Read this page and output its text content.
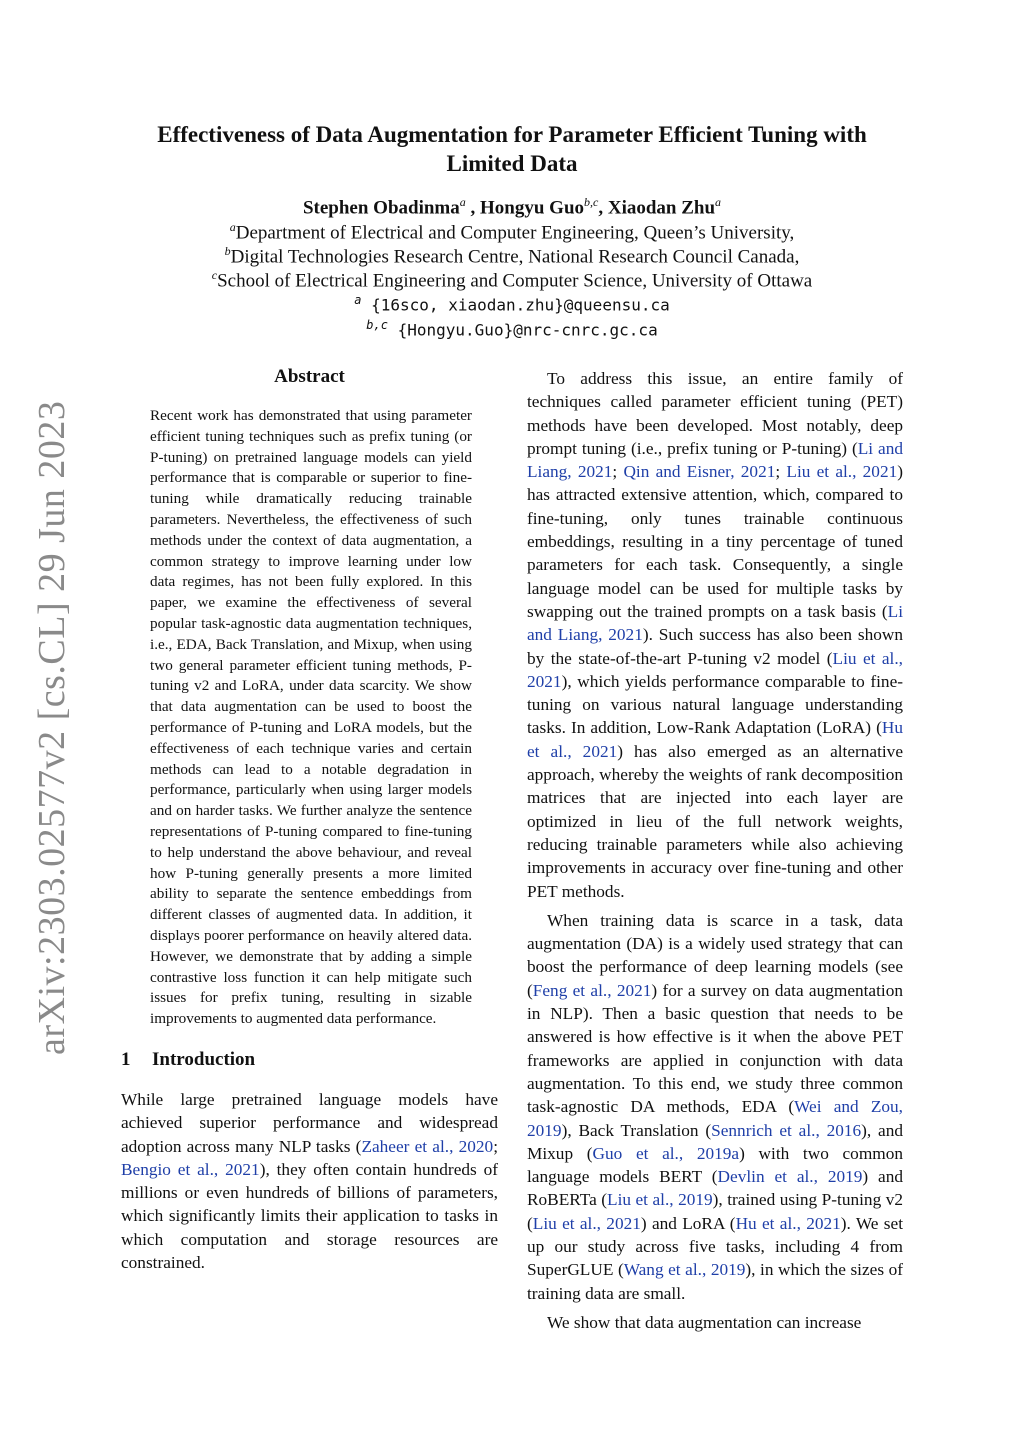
arXiv:2303.02577v2 [cs.CL] 29 Jun 2023
Effectiveness of Data Augmentation for Parameter Efficient Tuning with Limited Data
Stephen Obadinma$^a$ , Hongyu Guo$^{b,c}$, Xiaodan Zhu$^a$
$^a$Department of Electrical and Computer Engineering, Queen’s University,
$^b$Digital Technologies Research Centre, National Research Council Canada,
$^c$School of Electrical Engineering and Computer Science, University of Ottawa
$^a$ {16sco, xiaodan.zhu}@queensu.ca
$^{b,c}$ {Hongyu.Guo}@nrc-cnrc.gc.ca
Abstract

Recent work has demonstrated that using parameter efficient tuning techniques such as prefix tuning (or P-tuning) on pretrained language models can yield performance that is comparable or superior to fine-tuning while dramatically reducing trainable parameters. Nevertheless, the effectiveness of such methods under the context of data augmentation, a common strategy to improve learning under low data regimes, has not been fully explored. In this paper, we examine the effectiveness of several popular task-agnostic data augmentation techniques, i.e., EDA, Back Translation, and Mixup, when using two general parameter efficient tuning methods, P-tuning v2 and LoRA, under data scarcity. We show that data augmentation can be used to boost the performance of P-tuning and LoRA models, but the effectiveness of each technique varies and certain methods can lead to a notable degradation in performance, particularly when using larger models and on harder tasks. We further analyze the sentence representations of P-tuning compared to fine-tuning to help understand the above behaviour, and reveal how P-tuning generally presents a more limited ability to separate the sentence embeddings from different classes of augmented data. In addition, it displays poorer performance on heavily altered data. However, we demonstrate that by adding a simple contrastive loss function it can help mitigate such issues for prefix tuning, resulting in sizable improvements to augmented data performance.

1 Introduction

While large pretrained language models have achieved superior performance and widespread adoption across many NLP tasks (Zaheer et al., 2020; Bengio et al., 2021), they often contain hundreds of millions or even hundreds of billions of parameters, which significantly limits their application to tasks in which computation and storage resources are constrained.

To address this issue, an entire family of techniques called parameter efficient tuning (PET) methods have been developed. Most notably, deep prompt tuning (i.e., prefix tuning or P-tuning) (Li and Liang, 2021; Qin and Eisner, 2021; Liu et al., 2021) has attracted extensive attention, which, compared to fine-tuning, only tunes trainable continuous embeddings, resulting in a tiny percentage of tuned parameters for each task. Consequently, a single language model can be used for multiple tasks by swapping out the trained prompts on a task basis (Li and Liang, 2021). Such success has also been shown by the state-of-the-art P-tuning v2 model (Liu et al., 2021), which yields performance comparable to fine-tuning on various natural language understanding tasks. In addition, Low-Rank Adaptation (LoRA) (Hu et al., 2021) has also emerged as an alternative approach, whereby the weights of rank decomposition matrices that are injected into each layer are optimized in lieu of the full network weights, reducing trainable parameters while also achieving improvements in accuracy over fine-tuning and other PET methods.

When training data is scarce in a task, data augmentation (DA) is a widely used strategy that can boost the performance of deep learning models (see (Feng et al., 2021) for a survey on data augmentation in NLP). Then a basic question that needs to be answered is how effective is it when the above PET frameworks are applied in conjunction with data augmentation. To this end, we study three common task-agnostic DA methods, EDA (Wei and Zou, 2019), Back Translation (Sennrich et al., 2016), and Mixup (Guo et al., 2019a) with two common language models BERT (Devlin et al., 2019) and RoBERTa (Liu et al., 2019), trained using P-tuning v2 (Liu et al., 2021) and LoRA (Hu et al., 2021). We set up our study across five tasks, including 4 from SuperGLUE (Wang et al., 2019), in which the sizes of training data are small.

We show that data augmentation can increase
